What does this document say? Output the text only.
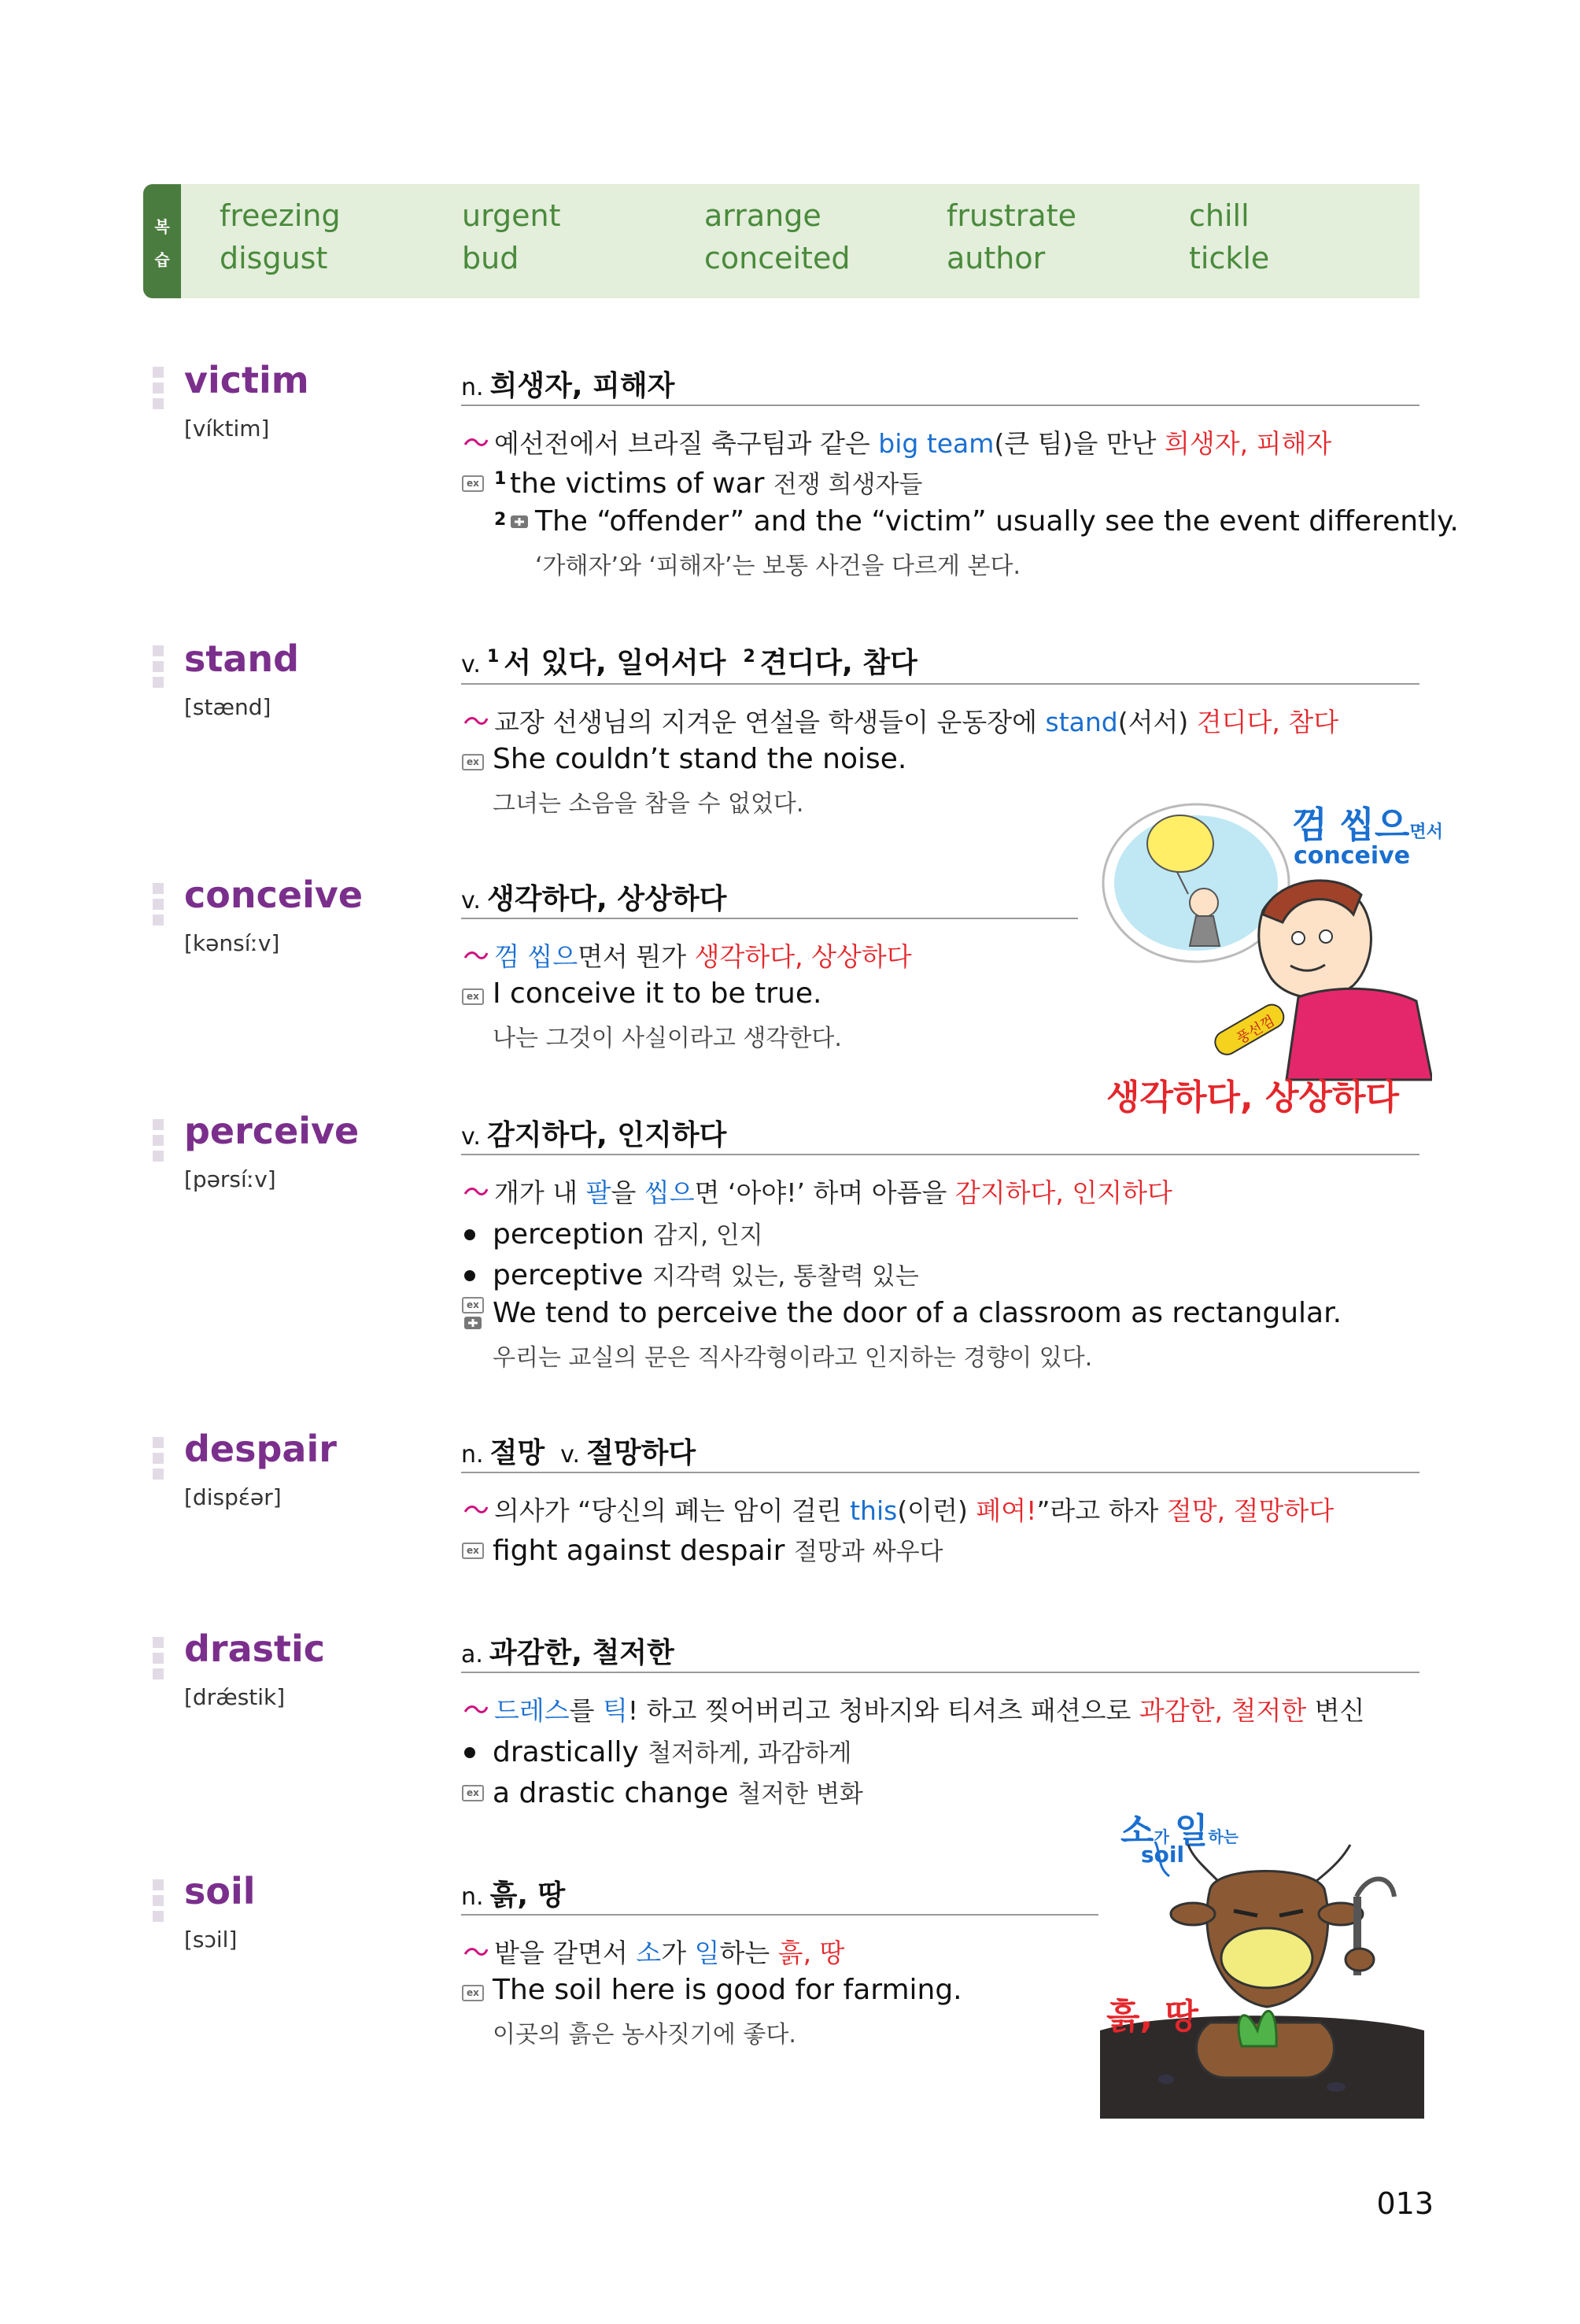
복
습
freezing	urgent	arrange	frustrate	chill
disgust	bud	conceited	author	tickle
victim
[víktim]
n. 희생자, 피해자
예선전에서 브라질 축구팀과 같은 big team(큰 팀)을 만난 희생자, 피해자
ex 1 the victims of war 전쟁 희생자들
2 The “offender” and the “victim” usually see the event differently.
‘가해자’와 ‘피해자’는 보통 사건을 다르게 본다.
stand
[stænd]
v. $^1$ 서 있다, 일어서다 $^2$ 견디다, 참다
교장 선생님의 지겨운 연설을 학생들이 운동장에 stand(서서) 견디다, 참다
ex She couldn’t stand the noise.
그녀는 소음을 참을 수 없었다.
conceive
[kənsíːv]
v. 생각하다, 상상하다
껌 씹으면서 뭔가 생각하다, 상상하다
ex I conceive it to be true.
나는 그것이 사실이라고 생각한다.
껌 씹으면서
conceive
풍선껌
생각하다, 상상하다
perceive
[pərsíːv]
v. 감지하다, 인지하다
개가 내 팔을 씹으면 ‘아야!’ 하며 아픔을 감지하다, 인지하다
perception 감지, 인지
perceptive 지각력 있는, 통찰력 있는
ex We tend to perceive the door of a classroom as rectangular.
우리는 교실의 문은 직사각형이라고 인지하는 경향이 있다.
despair
[dispέər]
n. 절망 v. 절망하다
의사가 “당신의 폐는 암이 걸린 this(이런) 폐여!”라고 하자 절망, 절망하다
ex fight against despair 절망과 싸우다
drastic
[drǽstik]
a. 과감한, 철저한
드레스를 틱! 하고 찢어버리고 청바지와 티셔츠 패션으로 과감한, 철저한 변신
drastically 철저하게, 과감하게
ex a drastic change 철저한 변화
soil
[sɔil]
n. 흙, 땅
밭을 갈면서 소가 일하는 흙, 땅
ex The soil here is good for farming.
이곳의 흙은 농사짓기에 좋다.
소가 일하는
soil
흙, 땅
013
